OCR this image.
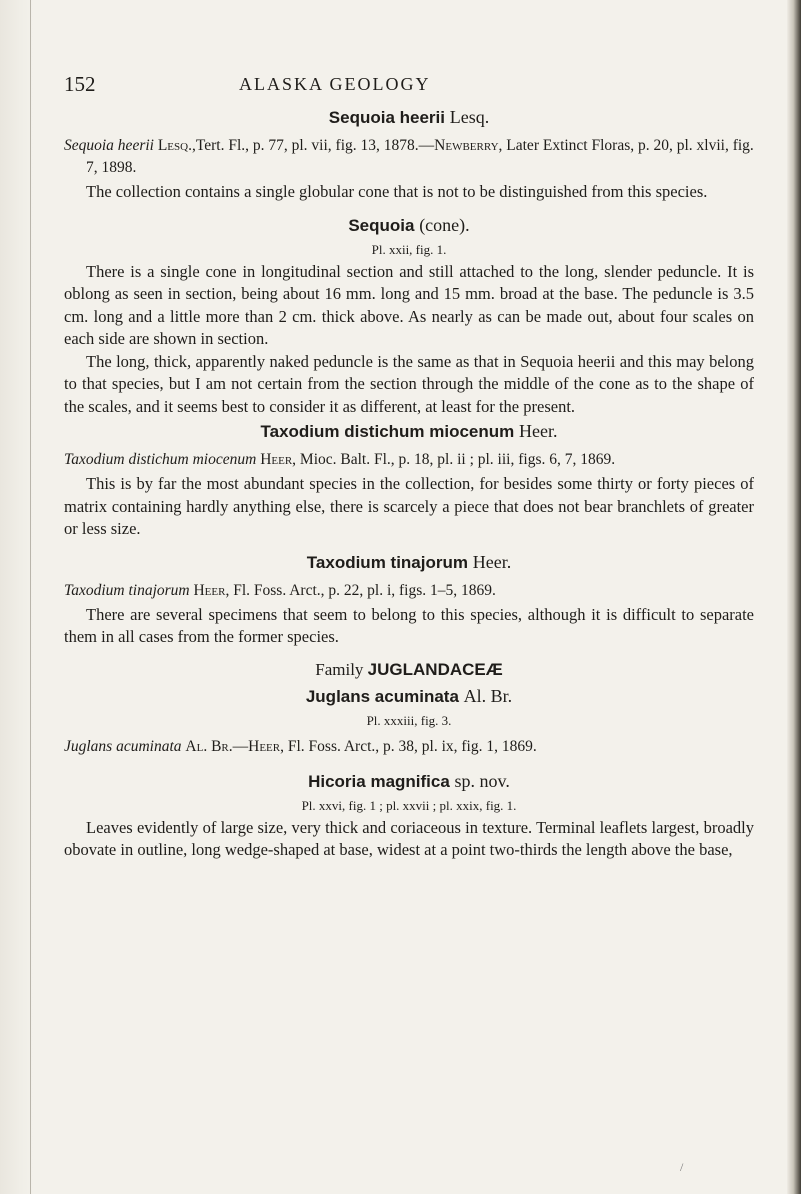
152	ALASKA GEOLOGY

Sequoia heerii Lesq.

Sequoia heerii Lesq.,Tert. Fl., p. 77, pl. vii, fig. 13, 1878.—Newberry, Later Extinct Floras, p. 20, pl. xlvii, fig. 7, 1898.

The collection contains a single globular cone that is not to be distinguished from this species.

Sequoia (cone).

Pl. xxii, fig. 1.

There is a single cone in longitudinal section and still attached to the long, slender peduncle. It is oblong as seen in section, being about 16 mm. long and 15 mm. broad at the base. The peduncle is 3.5 cm. long and a little more than 2 cm. thick above. As nearly as can be made out, about four scales on each side are shown in section.

The long, thick, apparently naked peduncle is the same as that in Sequoia heerii and this may belong to that species, but I am not certain from the section through the middle of the cone as to the shape of the scales, and it seems best to consider it as different, at least for the present.

Taxodium distichum miocenum Heer.

Taxodium distichum miocenum Heer, Mioc. Balt. Fl., p. 18, pl. ii ; pl. iii, figs. 6, 7, 1869.

This is by far the most abundant species in the collection, for besides some thirty or forty pieces of matrix containing hardly anything else, there is scarcely a piece that does not bear branchlets of greater or less size.

Taxodium tinajorum Heer.

Taxodium tinajorum Heer, Fl. Foss. Arct., p. 22, pl. i, figs. 1–5, 1869.

There are several specimens that seem to belong to this species, although it is difficult to separate them in all cases from the former species.

Family JUGLANDACEÆ

Juglans acuminata Al. Br.

Pl. xxxiii, fig. 3.

Juglans acuminata Al. Br.—Heer, Fl. Foss. Arct., p. 38, pl. ix, fig. 1, 1869.

Hicoria magnifica sp. nov.

Pl. xxvi, fig. 1 ; pl. xxvii ; pl. xxix, fig. 1.

Leaves evidently of large size, very thick and coriaceous in texture. Terminal leaflets largest, broadly obovate in outline, long wedge-shaped at base, widest at a point two-thirds the length above the base,

/
